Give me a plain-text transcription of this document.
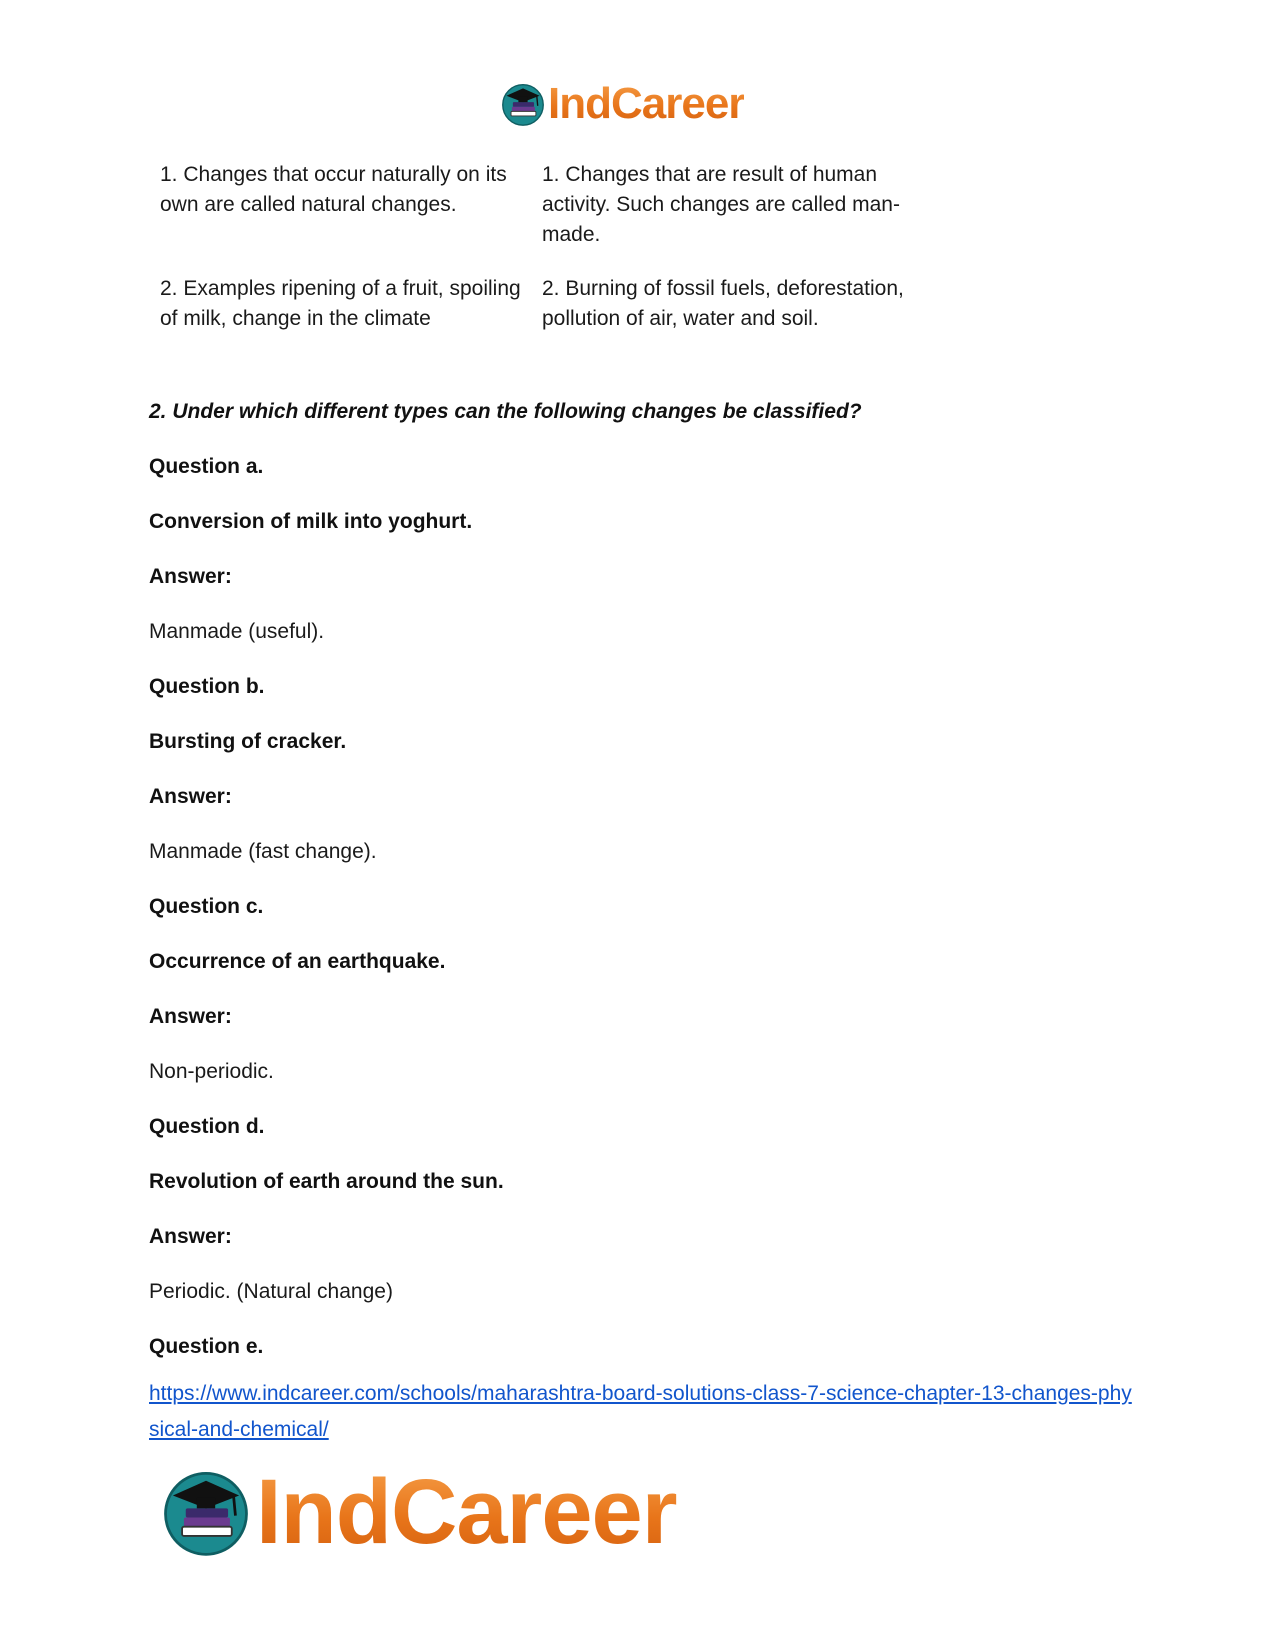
IndCareer
1. Changes that occur naturally on its own are called natural changes.	1. Changes that are result of human activity. Such changes are called man-made.
2. Examples ripening of a fruit, spoiling of milk, change in the climate	2. Burning of fossil fuels, deforestation, pollution of air, water and soil.
2. Under which different types can the following changes be classified?
Question a.
Conversion of milk into yoghurt.
Answer:
Manmade (useful).
Question b.
Bursting of cracker.
Answer:
Manmade (fast change).
Question c.
Occurrence of an earthquake.
Answer:
Non-periodic.
Question d.
Revolution of earth around the sun.
Answer:
Periodic. (Natural change)
Question e.
https://www.indcareer.com/schools/maharashtra-board-solutions-class-7-science-chapter-13-changes-physical-and-chemical/
IndCareer
